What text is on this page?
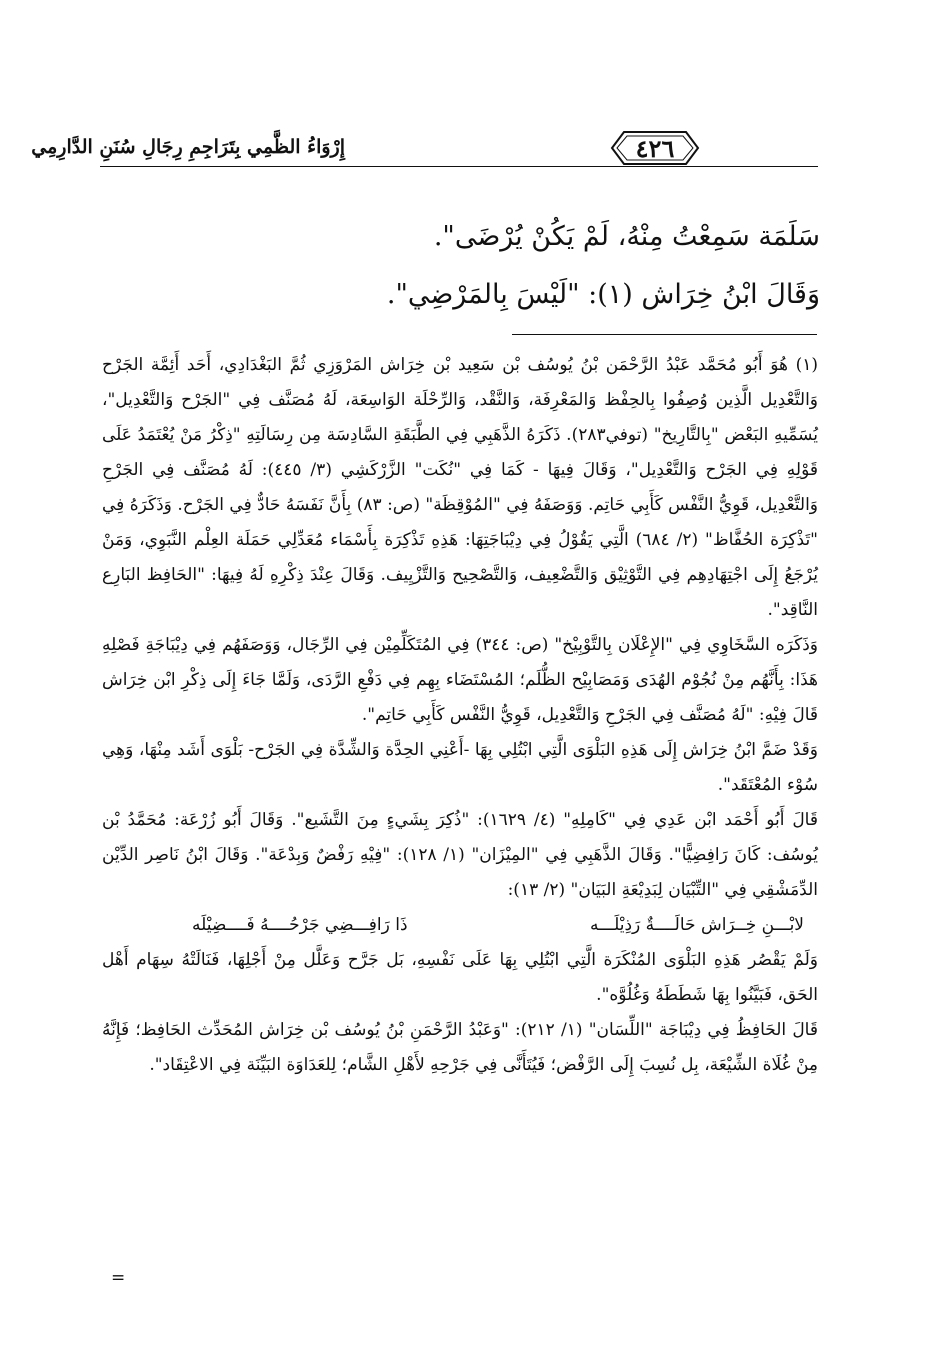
إِرْوَاءُ الظَّمِي بِتَرَاجِمِ رِجَالِ سُنَنِ الدَّارِمِي	٤٢٦

سَلَمَة سَمِعْتُ مِنْهُ، لَمْ يَكُنْ يُرْضَى".

وَقَالَ ابْنُ خِرَاش (١): "لَيْسَ بِالمَرْضِي".

(١) هُوَ أَبُو مُحَمَّد عَبْدُ الرَّحْمَن بْنُ يُوسُف بْن سَعِيد بْن خِرَاش المَرْوَزِي ثُمَّ البَغْدَادِي، أَحَد أَئِمَّة الجَرْح وَالتَّعْدِيل الَّذِين وُصِفُوا بِالحِفْظ وَالمَعْرِفَة، وَالنَّقْد، وَالرِّحْلَة الوَاسِعَة، لَهُ مُصَنَّف فِي "الجَرْح وَالتَّعْدِيل"، يُسَمِّيهِ البَعْض "بِالتَّارِيخ" (توفي٢٨٣). ذَكَرَهُ الذَّهَبِي فِي الطَّبَقَةِ السَّادِسَة مِن رِسَالَتِهِ "ذِكْرُ مَنْ يُعْتَمَدُ عَلَى قَوْلِهِ فِي الجَرْح وَالتَّعْدِيل"، وَقَالَ فِيهَا - كَمَا فِي "نُكَت" الزَّرْكَشِي (٣/ ٤٤٥): لَهُ مُصَنَّف فِي الجَرْحِ وَالتَّعْدِيل، قَوِيُّ النَّفْس كَأَبِي حَاتِم. وَوَصَفَهُ فِي "المُوْقِظَة" (ص: ٨٣) بِأَنَّ نَفَسَهُ حَادٌّ فِي الجَرْح. وَذَكَرَهُ فِي "تَذْكِرَة الحُفَّاظ" (٢/ ٦٨٤) الَّتِي يَقُوْلُ فِي دِيْبَاجَتِهَا: هَذِهِ تَذْكِرَة بِأَسْمَاء مُعَدِّلِي حَمَلَة العِلْم النَّبَوِي، وَمَنْ يُرْجَعُ إِلَى اجْتِهَادِهِم فِي التَّوْثِيْق وَالتَّضْعِيف، وَالتَّصْحِيح وَالتَّزْيِيف. وَقَالَ عِنْدَ ذِكْرِهِ لَهُ فِيهَا: "الحَافِظ البَارِع النَّاقِد".

وَذَكَرَه السَّخَاوِي فِي "الإِعْلَان بِالتَّوْبِيْخ" (ص: ٣٤٤) فِي المُتَكَلِّمِيْن فِي الرِّجَال، وَوَصَفَهُم فِي دِيْبَاجَةِ فَصْلِهِ هَذَا: بِأَنَّهُم مِنْ نُجُوْم الهُدَى وَمَصَابِيْح الظُّلَم؛ المُسْتَضَاء بِهِم فِي دَفْعِ الرَّدَى، وَلَمَّا جَاءَ إِلَى ذِكْرِ ابْن خِرَاش قَالَ فِيْهِ: "لَهُ مُصَنَّف فِي الجَرْحِ وَالتَّعْدِيل، قَوِيُّ النَّفْس كَأَبِي حَاتِم".

وَقَدْ ضَمَّ ابْنُ خِرَاش إِلَى هَذِهِ البَلْوَى الَّتِي ابْتُلِي بِهَا -أَعْنِي الحِدَّة وَالشِّدَّة فِي الجَرْح- بَلْوَى أَشَد مِنْهَا، وَهِي سُوْء المُعْتَقَد".

قَالَ أَبُو أَحْمَد ابْن عَدِي فِي "كَامِلِهِ" (٤/ ١٦٢٩): "ذُكِرَ بِشَيءٍ مِنَ التَّشَيع". وَقَالَ أَبُو زُرْعَة: مُحَمَّدُ بْن يُوسُف: كَانَ رَافِضِيًّا". وَقَالَ الذَّهَبِي فِي "المِيْزَان" (١/ ١٢٨): "فِيْهِ رَفْضٌ وَبِدْعَة". وَقَالَ ابْنُ نَاصِر الدِّيْن الدِّمَشْقِي فِي "التِّبْيَان لِبَدِيْعَةِ البَيَان" (٢/ ١٣):

لابْـــنِ خِــرَاش حَالَــــةٌ رَذِيْلَـــه
ذَا رَافِـــضِي جَرْحُــــهُ فَــــضِيْلَه

وَلَمْ يَقْصُر هَذِهِ البَلْوَى المُنْكَرَة الَّتِي ابْتُلِي بِهَا عَلَى نَفْسِهِ، بَل جَرَّح وَعَلَّل مِنْ أَجْلِهَا، فَنَالَتْهُ سِهَام أَهْل الحَق، فَبَيَّنُوا بِهَا شَطَطَهُ وَغُلُوَّه".

قَالَ الحَافِظُ فِي دِيْبَاجَة "اللِّسَان" (١/ ٢١٢): "وَعَبْدُ الرَّحْمَنِ بْنُ يُوسُف بْن خِرَاش المُحَدِّث الحَافِظ؛ فَإِنَّهُ مِنْ غُلَاة الشِّيْعَة، بِل نُسِبَ إِلَى الرَّفْض؛ فَيُتَأَنَّى فِي جَرْحِهِ لأَهْلِ الشَّام؛ لِلعَدَاوَة البَيِّنَة فِي الاعْتِقَاد".

=
